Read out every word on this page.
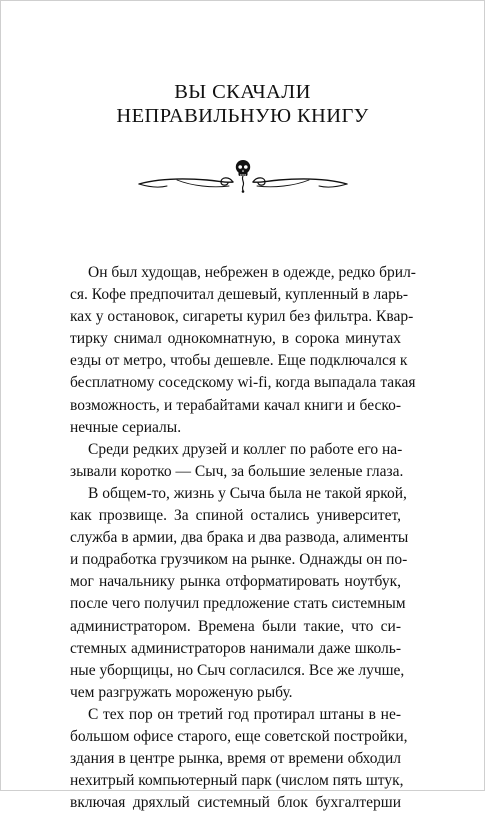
ВЫ СКАЧАЛИ
НЕПРАВИЛЬНУЮ КНИГУ
Он был худощав, небрежен в одежде, редко брил-
ся. Кофе предпочитал дешевый, купленный в ларь-
ках у остановок, сигареты курил без фильтра. Квар-
тирку снимал однокомнатную, в сорока минутах
езды от метро, чтобы дешевле. Еще подключался к
бесплатному соседскому wi-fi, когда выпадала такая
возможность, и терабайтами качал книги и беско-
нечные сериалы.
Среди редких друзей и коллег по работе его на-
зывали коротко — Сыч, за большие зеленые глаза.
В общем-то, жизнь у Сыча была не такой яркой,
как прозвище. За спиной остались университет,
служба в армии, два брака и два развода, алименты
и подработка грузчиком на рынке. Однажды он по-
мог начальнику рынка отформатировать ноутбук,
после чего получил предложение стать системным
администратором. Времена были такие, что си-
стемных администраторов нанимали даже школь-
ные уборщицы, но Сыч согласился. Все же лучше,
чем разгружать мороженую рыбу.
С тех пор он третий год протирал штаны в не-
большом офисе старого, еще советской постройки,
здания в центре рынка, время от времени обходил
нехитрый компьютерный парк (числом пять штук,
включая дряхлый системный блок бухгалтерши
